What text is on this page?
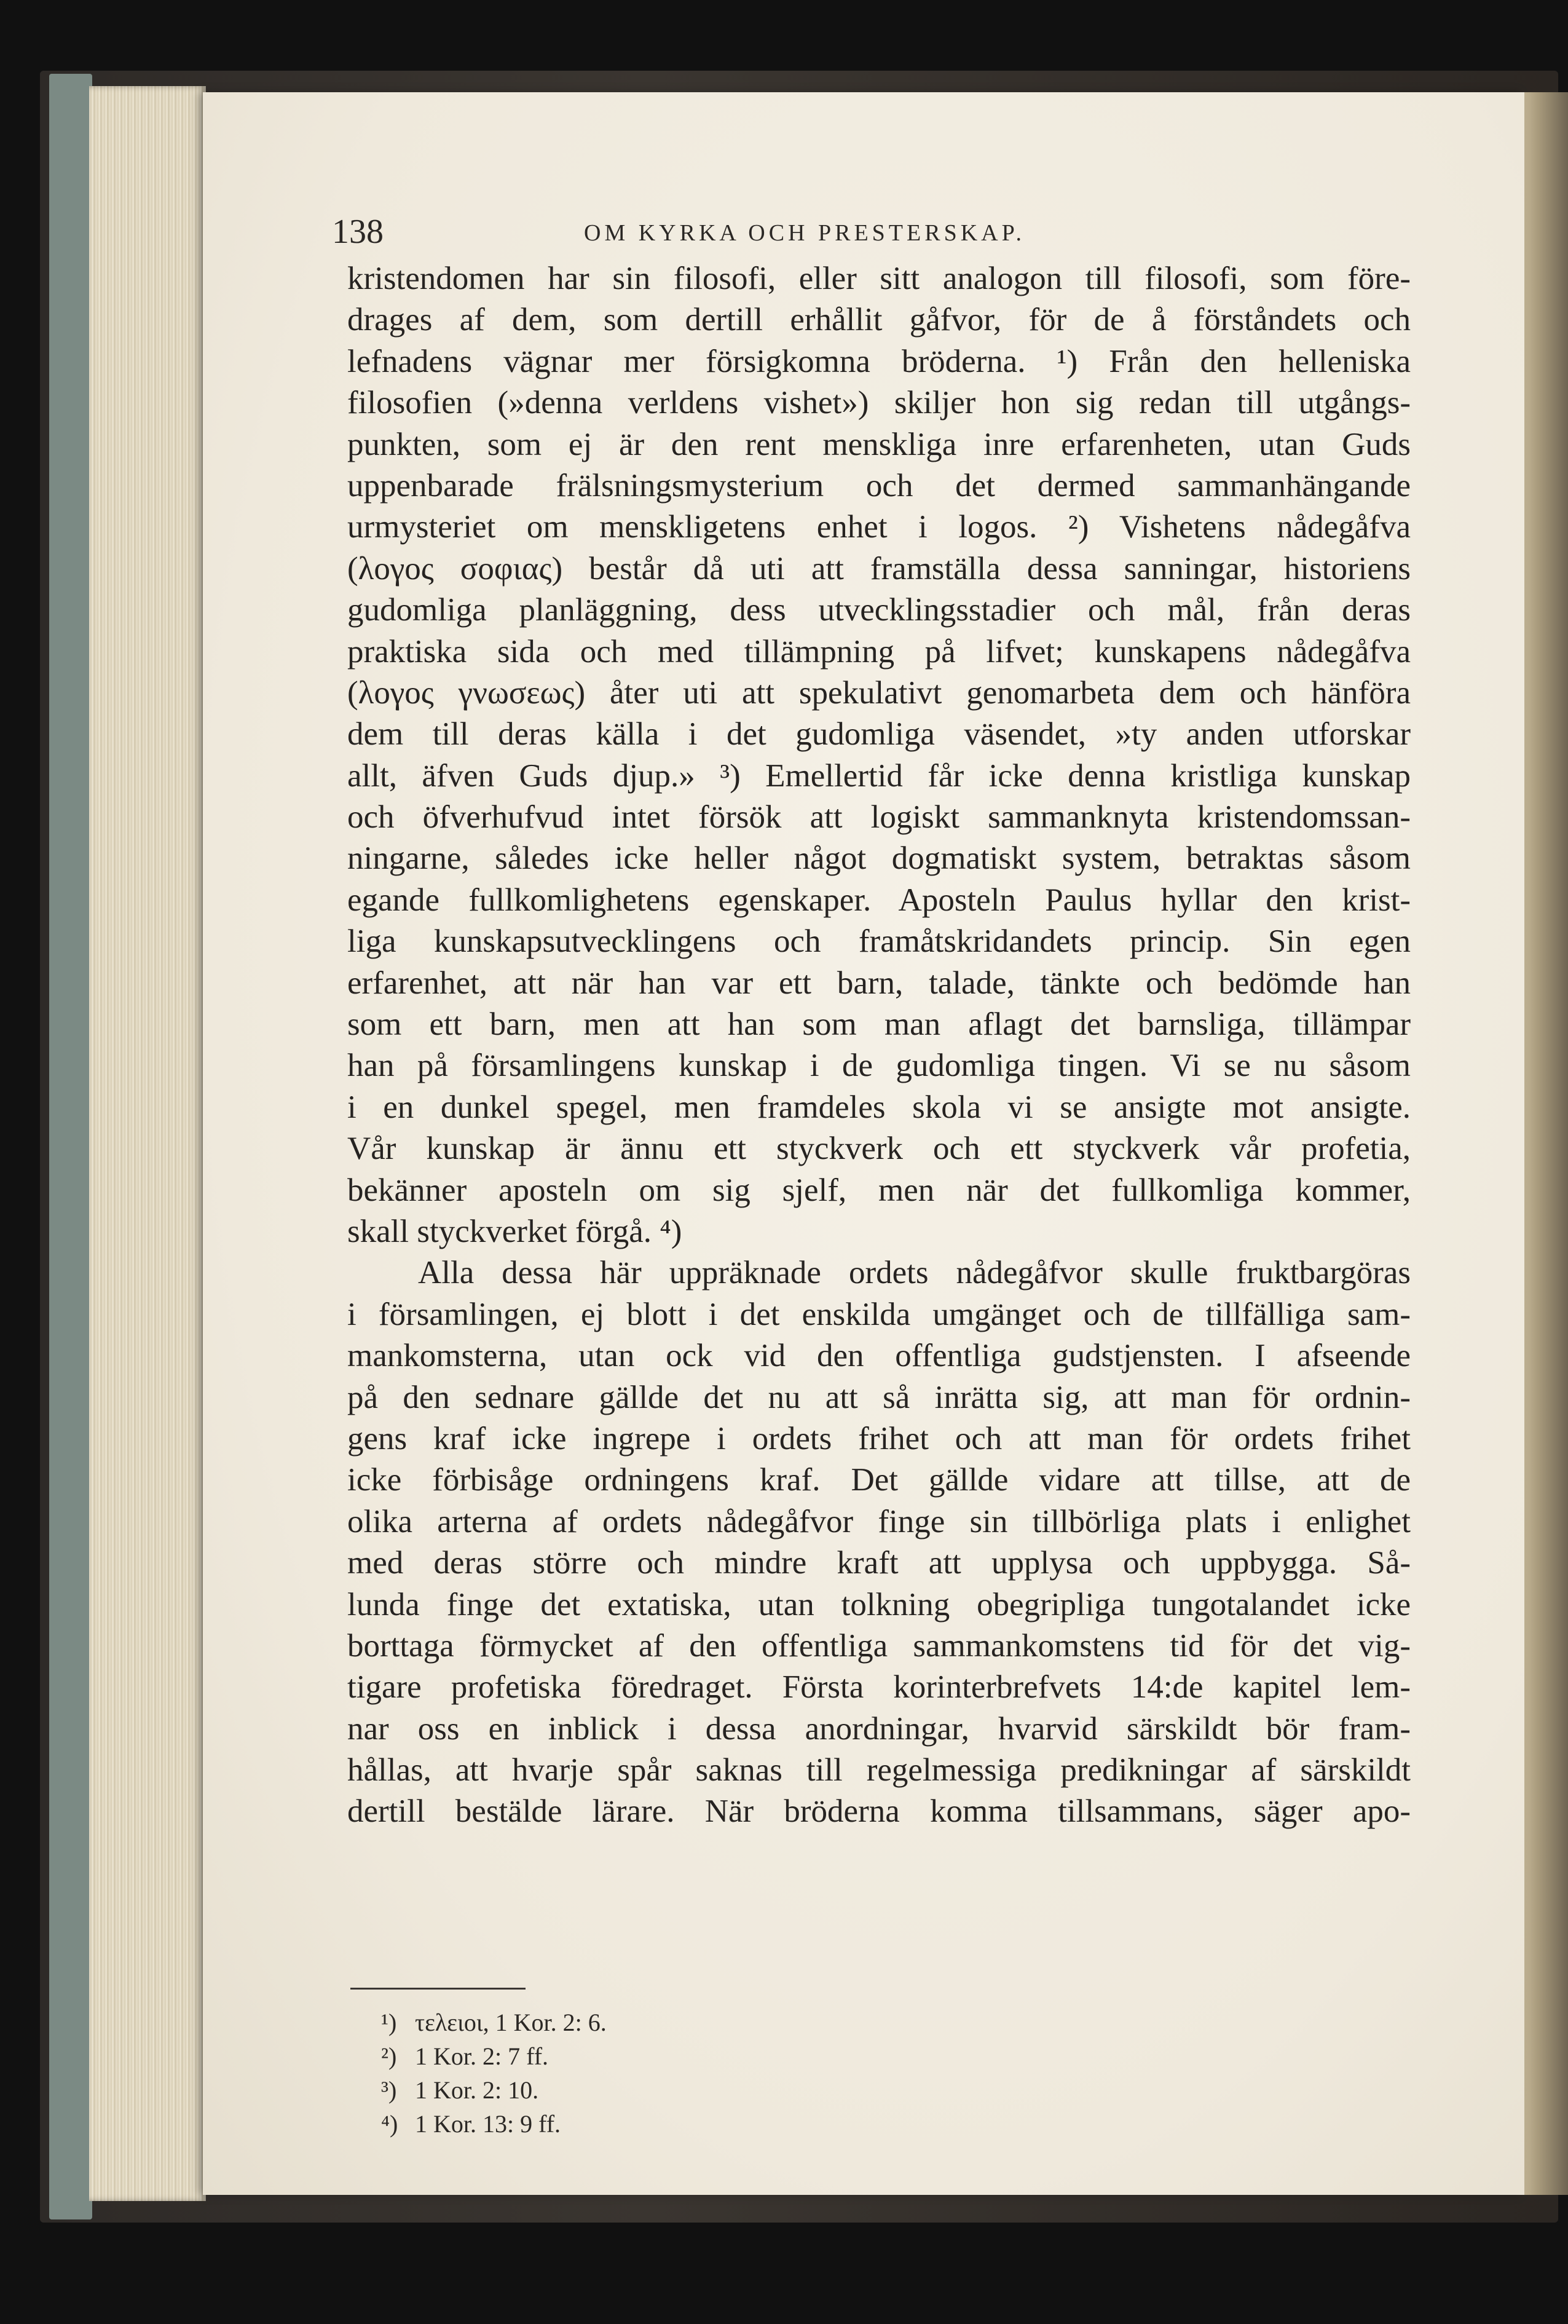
138	OM KYRKA OCH PRESTERSKAP.
kristendomen har sin filosofi, eller sitt analogon till filosofi, som före-
drages af dem, som dertill erhållit gåfvor, för de å förståndets och
lefnadens vägnar mer försigkomna bröderna. ¹) Från den helleniska
filosofien (»denna verldens vishet») skiljer hon sig redan till utgångs-
punkten, som ej är den rent menskliga inre erfarenheten, utan Guds
uppenbarade frälsningsmysterium och det dermed sammanhängande
urmysteriet om menskligetens enhet i logos. ²) Vishetens nådegåfva
(λογος σοφιας) består då uti att framställa dessa sanningar, historiens
gudomliga planläggning, dess utvecklingsstadier och mål, från deras
praktiska sida och med tillämpning på lifvet; kunskapens nådegåfva
(λογος γνωσεως) åter uti att spekulativt genomarbeta dem och hänföra
dem till deras källa i det gudomliga väsendet, »ty anden utforskar
allt, äfven Guds djup.» ³) Emellertid får icke denna kristliga kunskap
och öfverhufvud intet försök att logiskt sammanknyta kristendomssan-
ningarne, således icke heller något dogmatiskt system, betraktas såsom
egande fullkomlighetens egenskaper. Aposteln Paulus hyllar den krist-
liga kunskapsutvecklingens och framåtskridandets princip. Sin egen
erfarenhet, att när han var ett barn, talade, tänkte och bedömde han
som ett barn, men att han som man aflagt det barnsliga, tillämpar
han på församlingens kunskap i de gudomliga tingen. Vi se nu såsom
i en dunkel spegel, men framdeles skola vi se ansigte mot ansigte.
Vår kunskap är ännu ett styckverk och ett styckverk vår profetia,
bekänner aposteln om sig sjelf, men när det fullkomliga kommer,
skall styckverket förgå. ⁴)
Alla dessa här uppräknade ordets nådegåfvor skulle fruktbargöras
i församlingen, ej blott i det enskilda umgänget och de tillfälliga sam-
mankomsterna, utan ock vid den offentliga gudstjensten. I afseende
på den sednare gällde det nu att så inrätta sig, att man för ordnin-
gens kraf icke ingrepe i ordets frihet och att man för ordets frihet
icke förbisåge ordningens kraf. Det gällde vidare att tillse, att de
olika arterna af ordets nådegåfvor finge sin tillbörliga plats i enlighet
med deras större och mindre kraft att upplysa och uppbygga. Så-
lunda finge det extatiska, utan tolkning obegripliga tungotalandet icke
borttaga förmycket af den offentliga sammankomstens tid för det vig-
tigare profetiska föredraget. Första korinterbrefvets 14:de kapitel lem-
nar oss en inblick i dessa anordningar, hvarvid särskildt bör fram-
hållas, att hvarje spår saknas till regelmessiga predikningar af särskildt
dertill bestälde lärare. När bröderna komma tillsammans, säger apo-
¹) τελειοι, 1 Kor. 2: 6.
²) 1 Kor. 2: 7 ff.
³) 1 Kor. 2: 10.
⁴) 1 Kor. 13: 9 ff.
